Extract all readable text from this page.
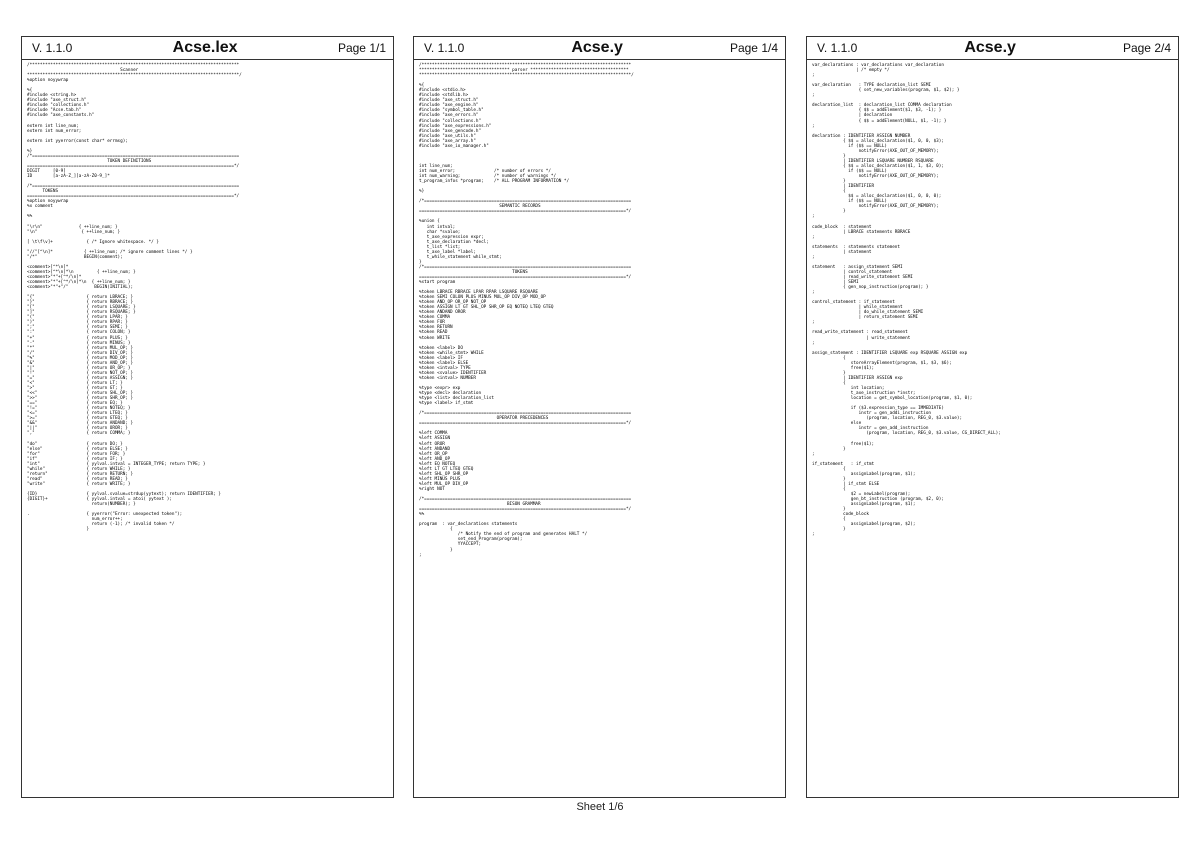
V. 1.1.0	Acse.lex	Page 1/1
/*********************************************************************************
Scanner
**********************************************************************************/
%option noyywrap

%{
#include <string.h>
#include "axe_struct.h"
#include "collections.h"
#include "Acse.tab.h"
#include "axe_constants.h"

extern int line_num;
extern int num_error;

extern int yyerror(const char* errmsg);

%}
/*================================================================================
TOKEN DEFINITIONS
================================================================================*/
DIGIT     [0-9]
ID        [a-zA-Z_][a-zA-Z0-9_]*

/*================================================================================
TOKENS
================================================================================*/
%option noyywrap
%x comment

%%

"\r\n"              { ++line_num; }
"\n"                 { ++line_num; }

[ \t\f\v]+             { /* Ignore whitespace. */ }

"//"[^\n]*            { ++line_num; /* ignore comment lines */ }
"/*"                  BEGIN(comment);

<comment>[^*\n]*
<comment>[^*\n]*\n         { ++line_num; }
<comment>"*"+[^*/\n]*
<comment>"*"+[^*/\n]*\n  { ++line_num; }
<comment>"*"+"/"          BEGIN(INITIAL);

"{"                    { return LBRACE; }
"}"                    { return RBRACE; }
"["                    { return LSQUARE; }
"]"                    { return RSQUARE; }
"("                    { return LPAR; }
")"                    { return RPAR; }
";"                    { return SEMI; }
":"                    { return COLON; }
"+"                    { return PLUS; }
"-"                    { return MINUS; }
"*"                    { return MUL_OP; }
"/"                    { return DIV_OP; }
"%"                    { return MOD_OP; }
"&"                    { return AND_OP; }
"|"                    { return OR_OP; }
"!"                    { return NOT_OP; }
"="                    { return ASSIGN; }
"<"                    { return LT; }
">"                    { return GT; }
"<<"                   { return SHL_OP; }
">>"                   { return SHR_OP; }
"=="                   { return EQ; }
"!="                   { return NOTEQ; }
"<="                   { return LTEQ; }
">="                   { return GTEQ; }
"&&"                   { return ANDAND; }
"||"                   { return OROR; }
","                    { return COMMA; }

"do"                   { return DO; }
"else"                 { return ELSE; }
"for"                  { return FOR; }
"if"                   { return IF; }
"int"                  { yylval.intval = INTEGER_TYPE; return TYPE; }
"while"                { return WHILE; }
"return"               { return RETURN; }
"read"                 { return READ; }
"write"                { return WRITE; }

{ID}                   { yylval.svalue=strdup(yytext); return IDENTIFIER; }
{DIGIT}+               { yylval.intval = atoi( yytext );
return(NUMBER); }

.                      { yyerror("Error: unexpected token");
num_error++;
return (-1); /* invalid token */
}
V. 1.1.0	Acse.y	Page 1/4
/*********************************************************************************
*********************************** parser **************************************
**********************************************************************************/

%{
#include <stdio.h>
#include <stdlib.h>
#include "axe_struct.h"
#include "axe_engine.h"
#include "symbol_table.h"
#include "axe_errors.h"
#include "collections.h"
#include "axe_expressions.h"
#include "axe_gencode.h"
#include "axe_utils.h"
#include "axe_array.h"
#include "axe_io_manager.h"

int line_num;
int num_error;               /* number of errors */
int num_warning;             /* number of warnings */
t_program_infos *program;    /* ALL PROGRAM INFORMATION */

%}

/*================================================================================
SEMANTIC RECORDS
================================================================================*/

%union {
int intval;
char *svalue;
t_axe_expression expr;
t_axe_declaration *decl;
t_list *list;
t_axe_label *label;
t_while_statement while_stmt;
}
/*================================================================================
TOKENS
================================================================================*/
%start program

%token LBRACE RBRACE LPAR RPAR LSQUARE RSQUARE
%token SEMI COLON PLUS MINUS MUL_OP DIV_OP MOD_OP
%token AND_OP OR_OP NOT_OP
%token ASSIGN LT GT SHL_OP SHR_OP EQ NOTEQ LTEQ GTEQ
%token ANDAND OROR
%token COMMA
%token FOR
%token RETURN
%token READ
%token WRITE

%token <label> DO
%token <while_stmt> WHILE
%token <label> IF
%token <label> ELSE
%token <intval> TYPE
%token <svalue> IDENTIFIER
%token <intval> NUMBER

%type <expr> exp
%type <decl> declaration
%type <list> declaration_list
%type <label> if_stmt

/*================================================================================
OPERATOR PRECEDENCES
================================================================================*/

%left COMMA
%left ASSIGN
%left OROR
%left ANDAND
%left OR_OP
%left AND_OP
%left EQ NOTEQ
%left LT GT LTEQ GTEQ
%left SHL_OP SHR_OP
%left MINUS PLUS
%left MUL_OP DIV_OP
%right NOT

/*================================================================================
BISON GRAMMAR
================================================================================*/
%%

program  : var_declarations statements
{
/* Notify the end of program and generates HALT */
set_end_Program(program);
YYACCEPT;
}
;
V. 1.1.0	Acse.y	Page 2/4
var_declarations : var_declarations var_declaration
| /* empty */
;

var_declaration   : TYPE declaration_list SEMI
{ set_new_variables(program, $1, $2); }
;

declaration_list  : declaration_list COMMA declaration
{ $$ = addElement($1, $3, -1); }
| declaration
{ $$ = addElement(NULL, $1, -1); }
;

declaration : IDENTIFIER ASSIGN NUMBER
{ $$ = alloc_declaration($1, 0, 0, $3);
if ($$ == NULL)
notifyError(AXE_OUT_OF_MEMORY);
}
| IDENTIFIER LSQUARE NUMBER RSQUARE
{ $$ = alloc_declaration($1, 1, $3, 0);
if ($$ == NULL)
notifyError(AXE_OUT_OF_MEMORY);
}
| IDENTIFIER
{
$$ = alloc_declaration($1, 0, 0, 0);
if ($$ == NULL)
notifyError(AXE_OUT_OF_MEMORY);
}
;

code_block  : statement
| LBRACE statements RBRACE
;

statements  : statements statement
| statement
;

statement   : assign_statement SEMI
| control_statement
| read_write_statement SEMI
| SEMI
{ gen_nop_instruction(program); }
;

control_statement : if_statement
| while_statement
| do_while_statement SEMI
| return_statement SEMI
;

read_write_statement : read_statement
| write_statement
;

assign_statement : IDENTIFIER LSQUARE exp RSQUARE ASSIGN exp
{
storeArrayElement(program, $1, $3, $6);
free($1);
}
| IDENTIFIER ASSIGN exp
{
int location;
t_axe_instruction *instr;
location = get_symbol_location(program, $1, 0);

if ($3.expression_type == IMMEDIATE)
instr = gen_addi_instruction
(program, location, REG_0, $3.value);
else
instr = gen_add_instruction
(program, location, REG_0, $3.value, CG_DIRECT_ALL);

free($1);
}
;

if_statement   : if_stmt
{
assignLabel(program, $1);
}
| if_stmt ELSE
{
$2 = newLabel(program);
gen_bt_instruction (program, $2, 0);
assignLabel(program, $1);
}
code_block
{
assignLabel(program, $2);
}
;
Sheet 1/6
